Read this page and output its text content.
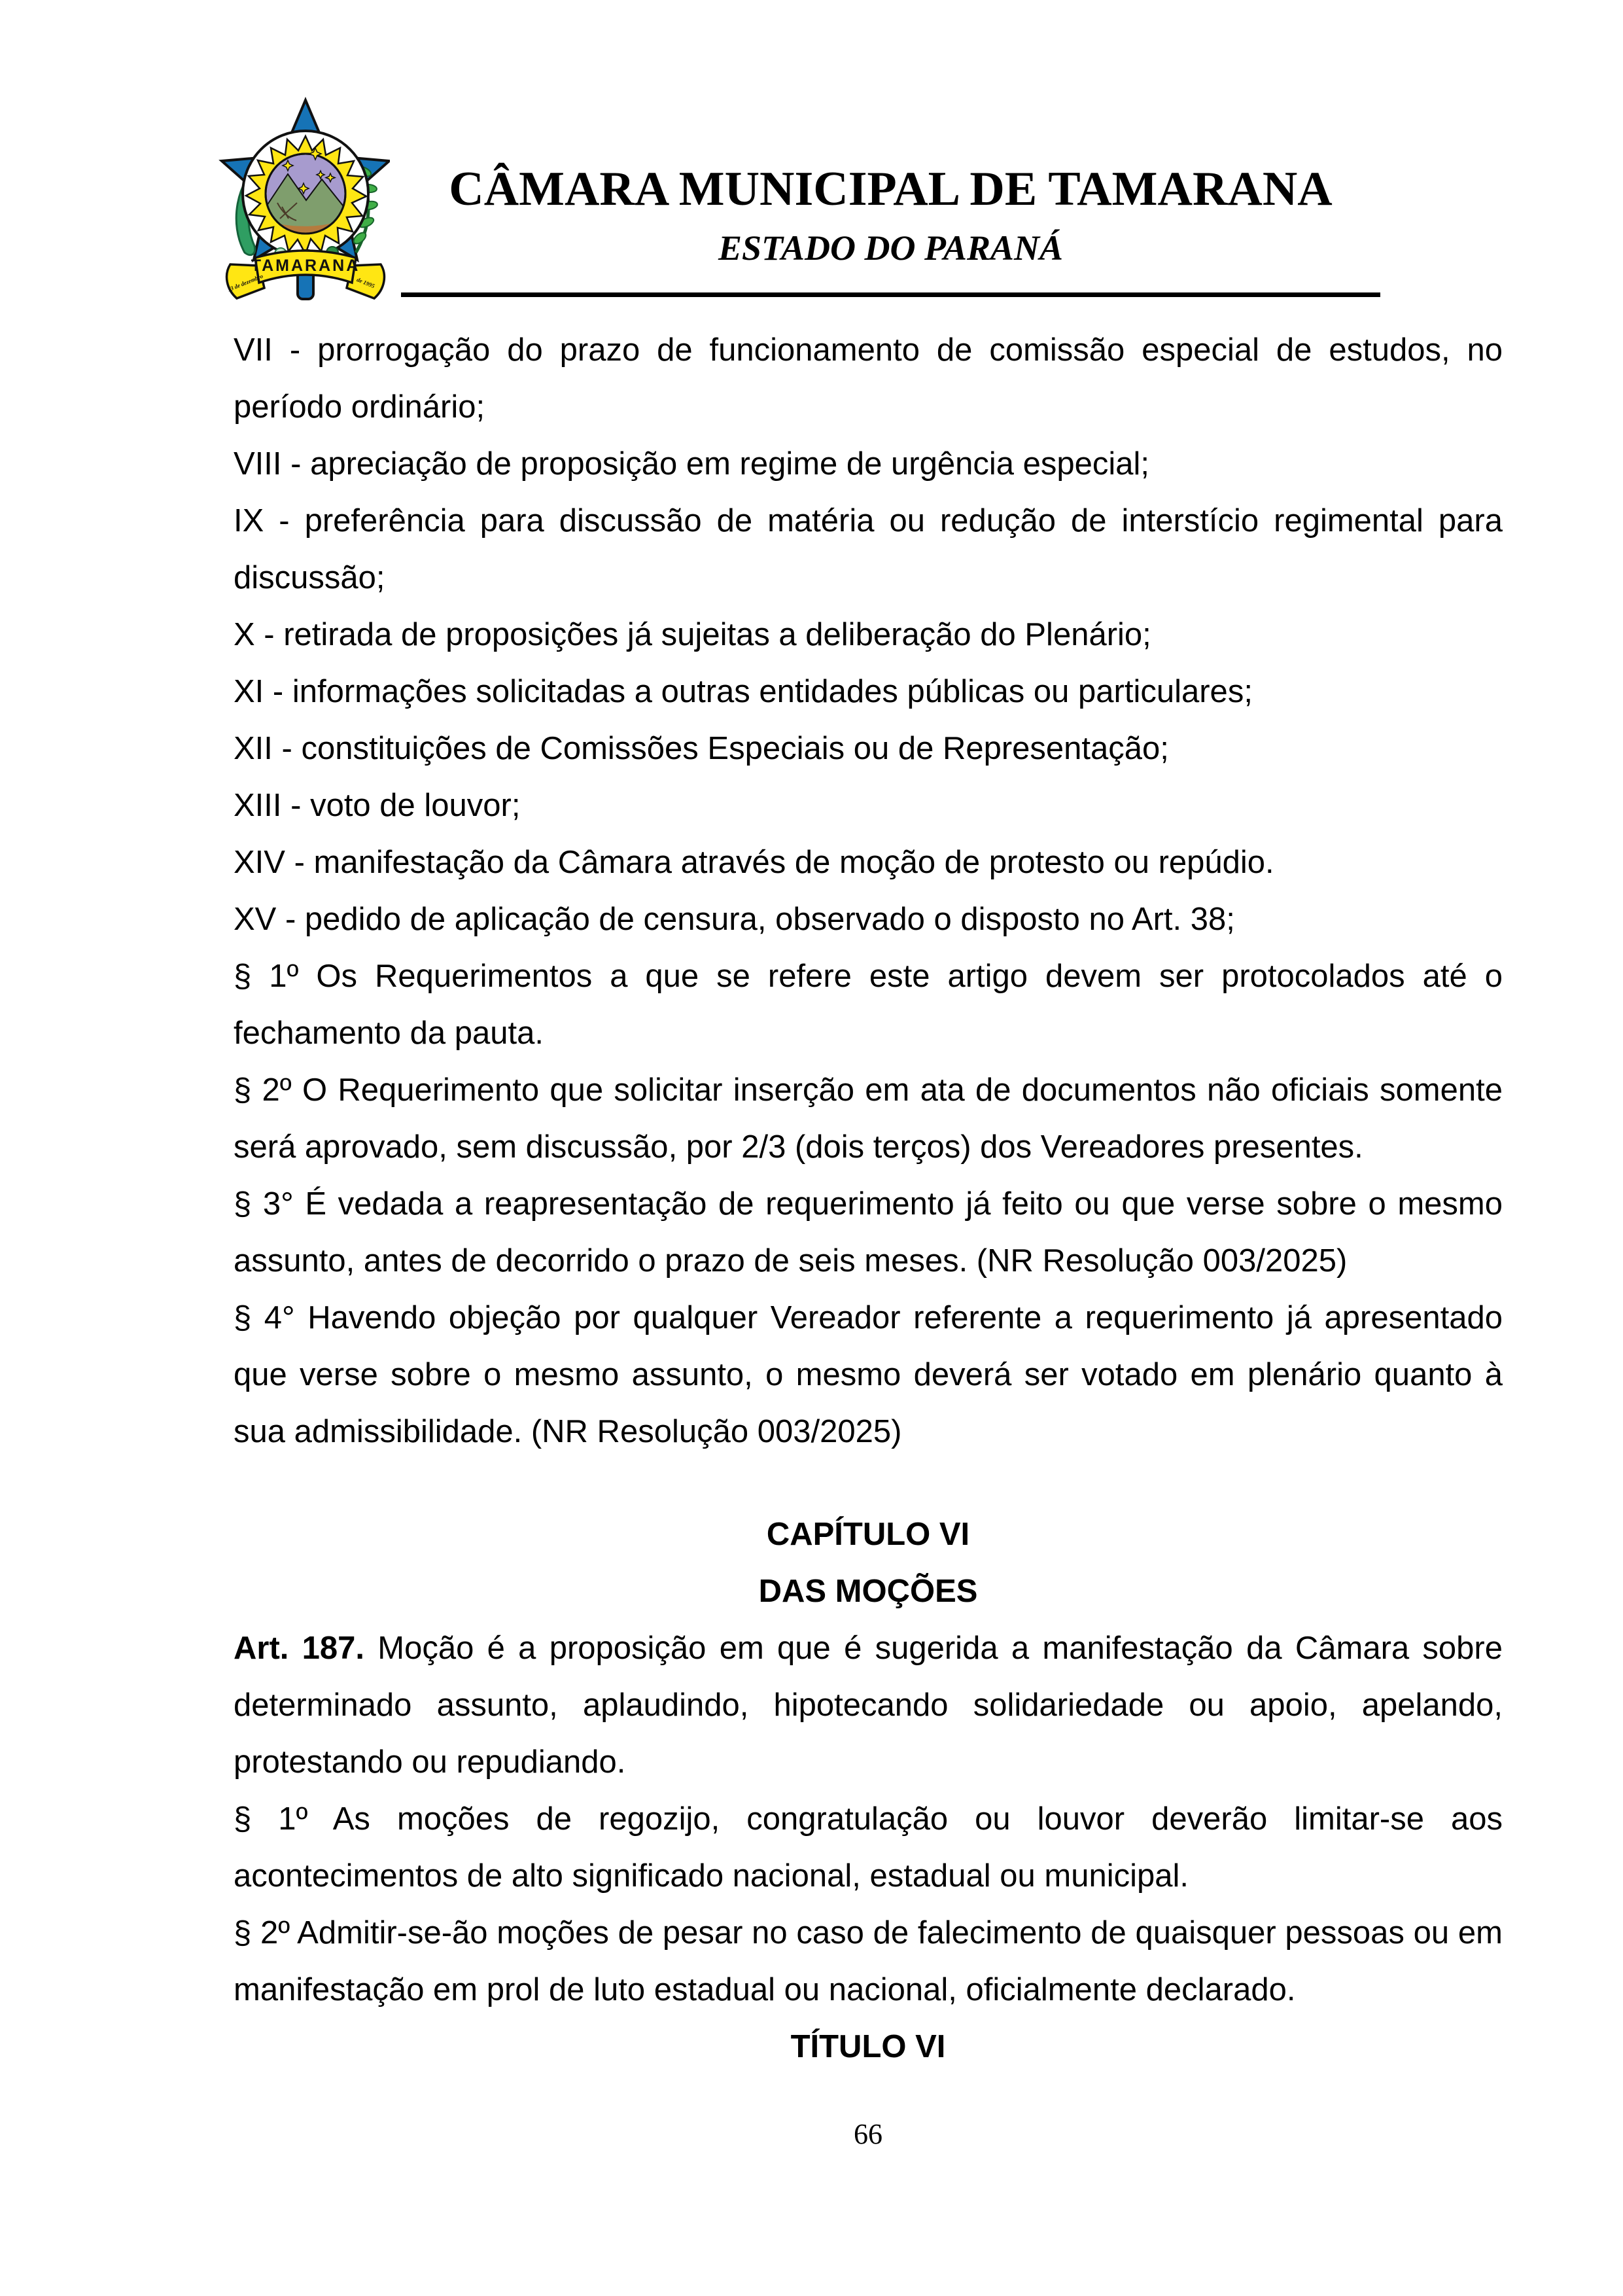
TAMARANA
13 de dezembro	de 1995
CÂMARA MUNICIPAL DE TAMARANA
ESTADO DO PARANÁ

VII - prorrogação do prazo de funcionamento de comissão especial de estudos, no período ordinário;

VIII - apreciação de proposição em regime de urgência especial;

IX - preferência para discussão de matéria ou redução de interstício regimental para discussão;

X - retirada de proposições já sujeitas a deliberação do Plenário;

XI - informações solicitadas a outras entidades públicas ou particulares;

XII - constituições de Comissões Especiais ou de Representação;

XIII - voto de louvor;

XIV - manifestação da Câmara através de moção de protesto ou repúdio.

XV - pedido de aplicação de censura, observado o disposto no Art. 38;

§ 1º Os Requerimentos a que se refere este artigo devem ser protocolados até o fechamento da pauta.

§ 2º O Requerimento que solicitar inserção em ata de documentos não oficiais somente será aprovado, sem discussão, por 2/3 (dois terços) dos Vereadores presentes.

§ 3° É vedada a reapresentação de requerimento já feito ou que verse sobre o mesmo assunto, antes de decorrido o prazo de seis meses. (NR Resolução 003/2025)

§ 4° Havendo objeção por qualquer Vereador referente a requerimento já apresentado que verse sobre o mesmo assunto, o mesmo deverá ser votado em plenário quanto à sua admissibilidade. (NR Resolução 003/2025)

CAPÍTULO VI

DAS MOÇÕES

Art. 187. Moção é a proposição em que é sugerida a manifestação da Câmara sobre determinado assunto, aplaudindo, hipotecando solidariedade ou apoio, apelando, protestando ou repudiando.

§ 1º As moções de regozijo, congratulação ou louvor deverão limitar-se aos acontecimentos de alto significado nacional, estadual ou municipal.

§ 2º Admitir-se-ão moções de pesar no caso de falecimento de quaisquer pessoas ou em manifestação em prol de luto estadual ou nacional, oficialmente declarado.

TÍTULO VI

66
